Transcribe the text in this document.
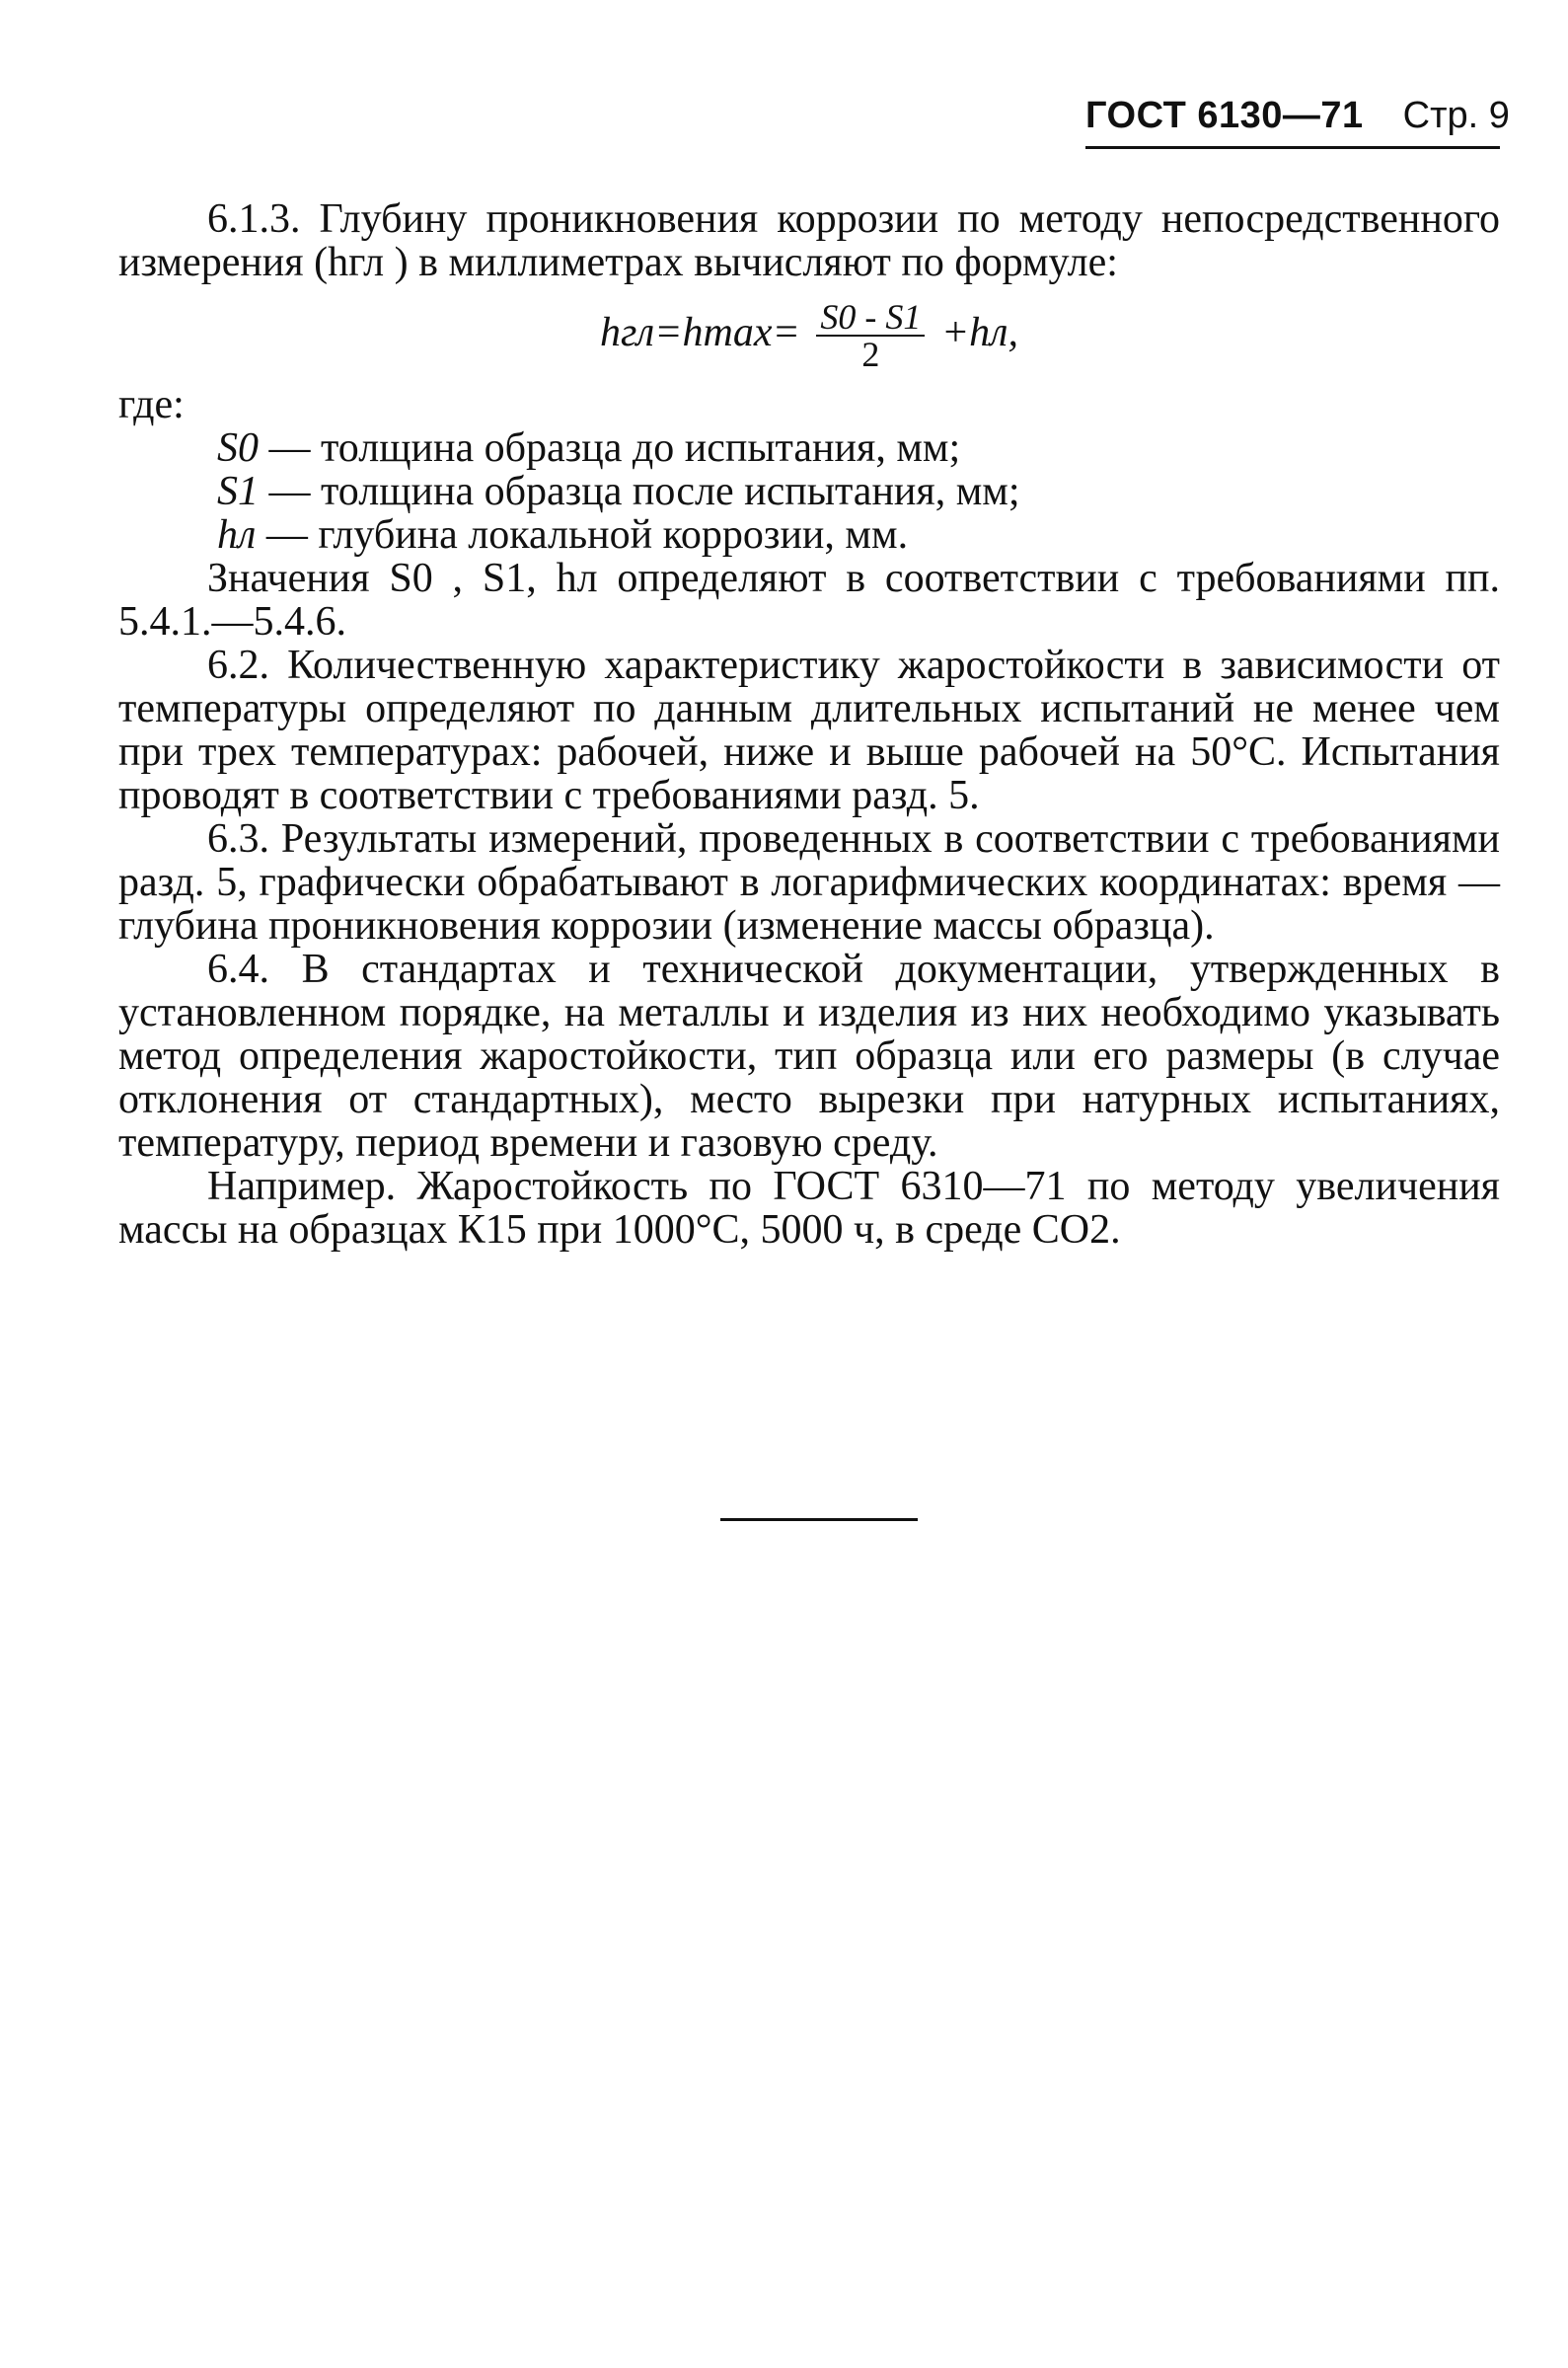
ГОСТ 6130—71 Стр. 9

6.1.3. Глубину проникновения коррозии по методу непосредственного измерения (hгл ) в миллиметрах вычисляют по формуле:

$hгл=hmax= \frac{S0 - S1}{2} +hл$,

где:

S0 — толщина образца до испытания, мм;

S1 — толщина образца после испытания, мм;

hл — глубина локальной коррозии, мм.

Значения S0 , S1, hл определяют в соответствии с требованиями пп. 5.4.1.—5.4.6.

6.2. Количественную характеристику жаростойкости в зависимости от температуры определяют по данным длительных испытаний не менее чем при трех температурах: рабочей, ниже и выше рабочей на 50°С. Испытания проводят в соответствии с требованиями разд. 5.

6.3. Результаты измерений, проведенных в соответствии с требованиями разд. 5, графически обрабатывают в логарифмических координатах: время — глубина проникновения коррозии (изменение массы образца).

6.4. В стандартах и технической документации, утвержденных в установленном порядке, на металлы и изделия из них необходимо указывать метод определения жаростойкости, тип образца или его размеры (в случае отклонения от стандартных), место вырезки при натурных испытаниях, температуру, период времени и газовую среду.

Например. Жаростойкость по ГОСТ 6310—71 по методу увеличения массы на образцах К15 при 1000°С, 5000 ч, в среде СО2.
